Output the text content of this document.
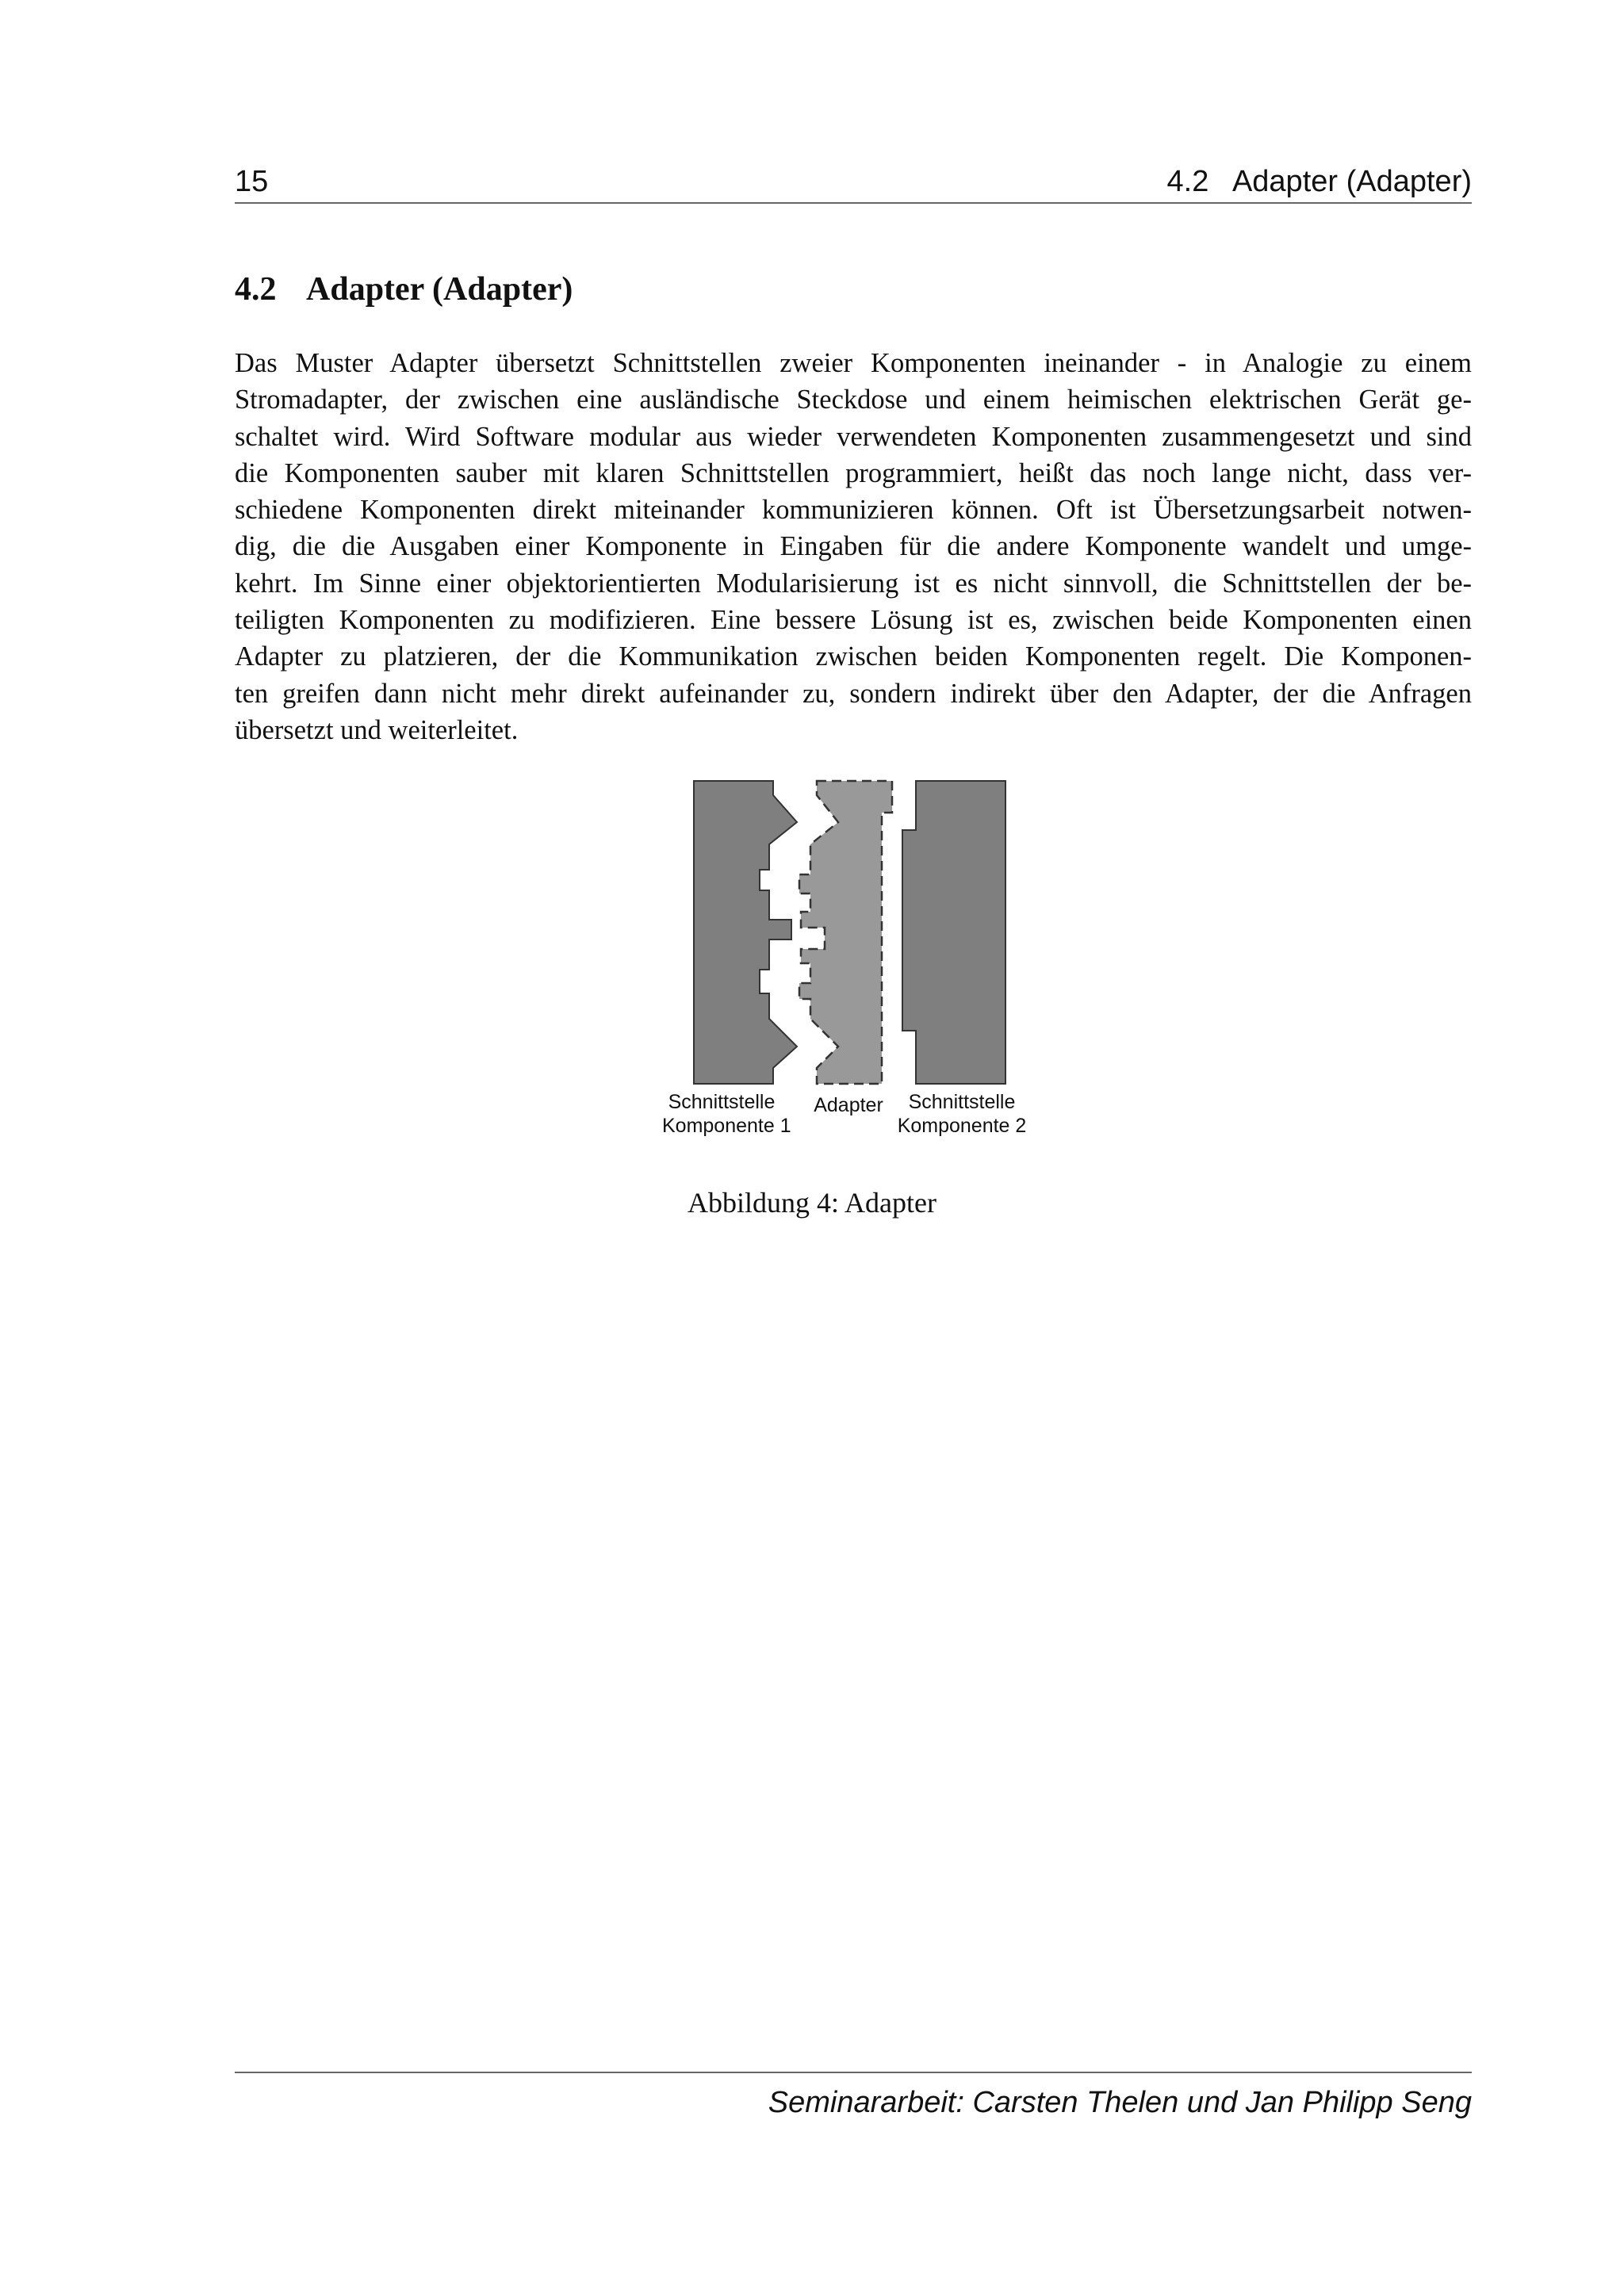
15	4.2   Adapter (Adapter)
4.2 Adapter (Adapter)
Das Muster Adapter übersetzt Schnittstellen zweier Komponenten ineinander - in Analogie zu einem
Stromadapter, der zwischen eine ausländische Steckdose und einem heimischen elektrischen Gerät ge-
schaltet wird. Wird Software modular aus wieder verwendeten Komponenten zusammengesetzt und sind
die Komponenten sauber mit klaren Schnittstellen programmiert, heißt das noch lange nicht, dass ver-
schiedene Komponenten direkt miteinander kommunizieren können. Oft ist Übersetzungsarbeit notwen-
dig, die die Ausgaben einer Komponente in Eingaben für die andere Komponente wandelt und umge-
kehrt. Im Sinne einer objektorientierten Modularisierung ist es nicht sinnvoll, die Schnittstellen der be-
teiligten Komponenten zu modifizieren. Eine bessere Lösung ist es, zwischen beide Komponenten einen
Adapter zu platzieren, der die Kommunikation zwischen beiden Komponenten regelt. Die Komponen-
ten greifen dann nicht mehr direkt aufeinander zu, sondern indirekt über den Adapter, der die Anfragen
übersetzt und weiterleitet.
Schnittstelle
Komponente 1
Adapter	Schnittstelle
Komponente 2
Abbildung 4: Adapter
Seminararbeit: Carsten Thelen und Jan Philipp Seng
